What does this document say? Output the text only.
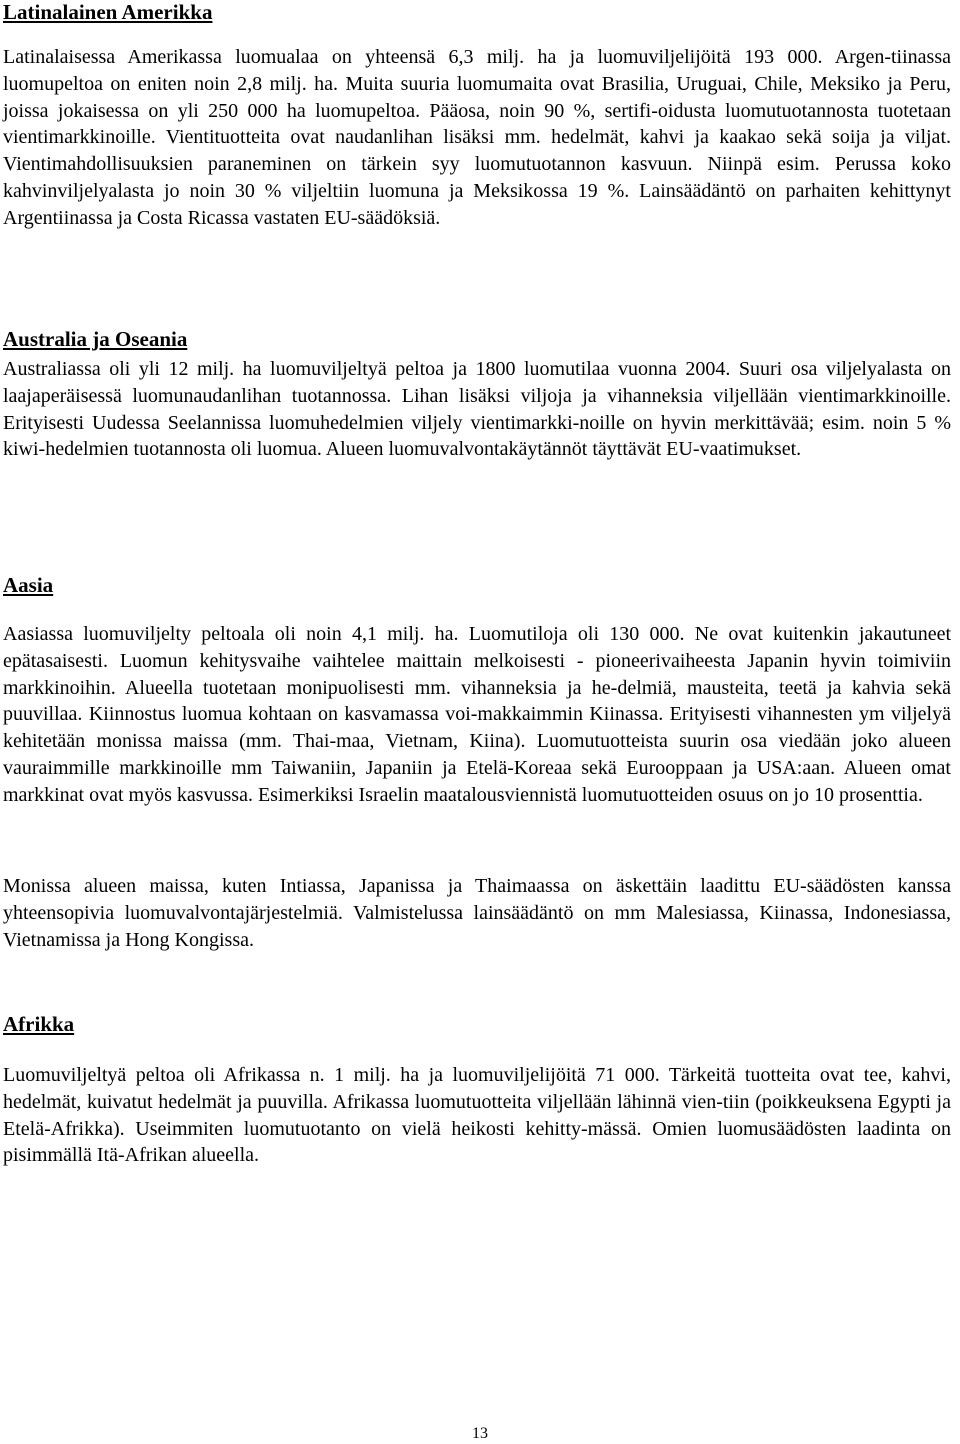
Latinalainen Amerikka

Latinalaisessa Amerikassa luomualaa on yhteensä 6,3 milj. ha ja luomuviljelijöitä 193 000. Argen-tiinassa luomupeltoa on eniten noin 2,8 milj. ha. Muita suuria luomumaita ovat Brasilia, Uruguai, Chile, Meksiko ja Peru, joissa jokaisessa on yli 250 000 ha luomupeltoa. Pääosa, noin 90 %, sertifi-oidusta luomutuotannosta tuotetaan vientimarkkinoille. Vientituotteita ovat naudanlihan lisäksi mm. hedelmät, kahvi ja kaakao sekä soija ja viljat. Vientimahdollisuuksien paraneminen on tärkein syy luomutuotannon kasvuun. Niinpä esim. Perussa koko kahvinviljelyalasta jo noin 30 % viljeltiin luomuna ja Meksikossa 19 %. Lainsäädäntö on parhaiten kehittynyt Argentiinassa ja Costa Ricassa vastaten EU-säädöksiä.

Australia ja Oseania

Australiassa oli yli 12 milj. ha luomuviljeltyä peltoa ja 1800 luomutilaa vuonna 2004. Suuri osa viljelyalasta on laajaperäisessä luomunaudanlihan tuotannossa. Lihan lisäksi viljoja ja vihanneksia viljellään vientimarkkinoille. Erityisesti Uudessa Seelannissa luomuhedelmien viljely vientimarkki-noille on hyvin merkittävää; esim. noin 5 % kiwi-hedelmien tuotannosta oli luomua. Alueen luomuvalvontakäytännöt täyttävät EU-vaatimukset.

Aasia

Aasiassa luomuviljelty peltoala oli noin 4,1 milj. ha. Luomutiloja oli 130 000. Ne ovat kuitenkin jakautuneet epätasaisesti. Luomun kehitysvaihe vaihtelee maittain melkoisesti - pioneerivaiheesta Japanin hyvin toimiviin markkinoihin. Alueella tuotetaan monipuolisesti mm. vihanneksia ja he-delmiä, mausteita, teetä ja kahvia sekä puuvillaa. Kiinnostus luomua kohtaan on kasvamassa voi-makkaimmin Kiinassa. Erityisesti vihannesten ym viljelyä kehitetään monissa maissa (mm. Thai-maa, Vietnam, Kiina). Luomutuotteista suurin osa viedään joko alueen vauraimmille markkinoille mm Taiwaniin, Japaniin ja Etelä-Koreaa sekä Eurooppaan ja USA:aan. Alueen omat markkinat ovat myös kasvussa. Esimerkiksi Israelin maatalousviennistä luomutuotteiden osuus on jo 10 prosenttia.

Monissa alueen maissa, kuten Intiassa, Japanissa ja Thaimaassa on äskettäin laadittu EU-säädösten kanssa yhteensopivia luomuvalvontajärjestelmiä. Valmistelussa lainsäädäntö on mm Malesiassa, Kiinassa, Indonesiassa, Vietnamissa ja Hong Kongissa.

Afrikka

Luomuviljeltyä peltoa oli Afrikassa n. 1 milj. ha ja luomuviljelijöitä 71 000. Tärkeitä tuotteita ovat tee, kahvi, hedelmät, kuivatut hedelmät ja puuvilla. Afrikassa luomutuotteita viljellään lähinnä vien-tiin (poikkeuksena Egypti ja Etelä-Afrikka). Useimmiten luomutuotanto on vielä heikosti kehitty-mässä. Omien luomusäädösten laadinta on pisimmällä Itä-Afrikan alueella.

13
